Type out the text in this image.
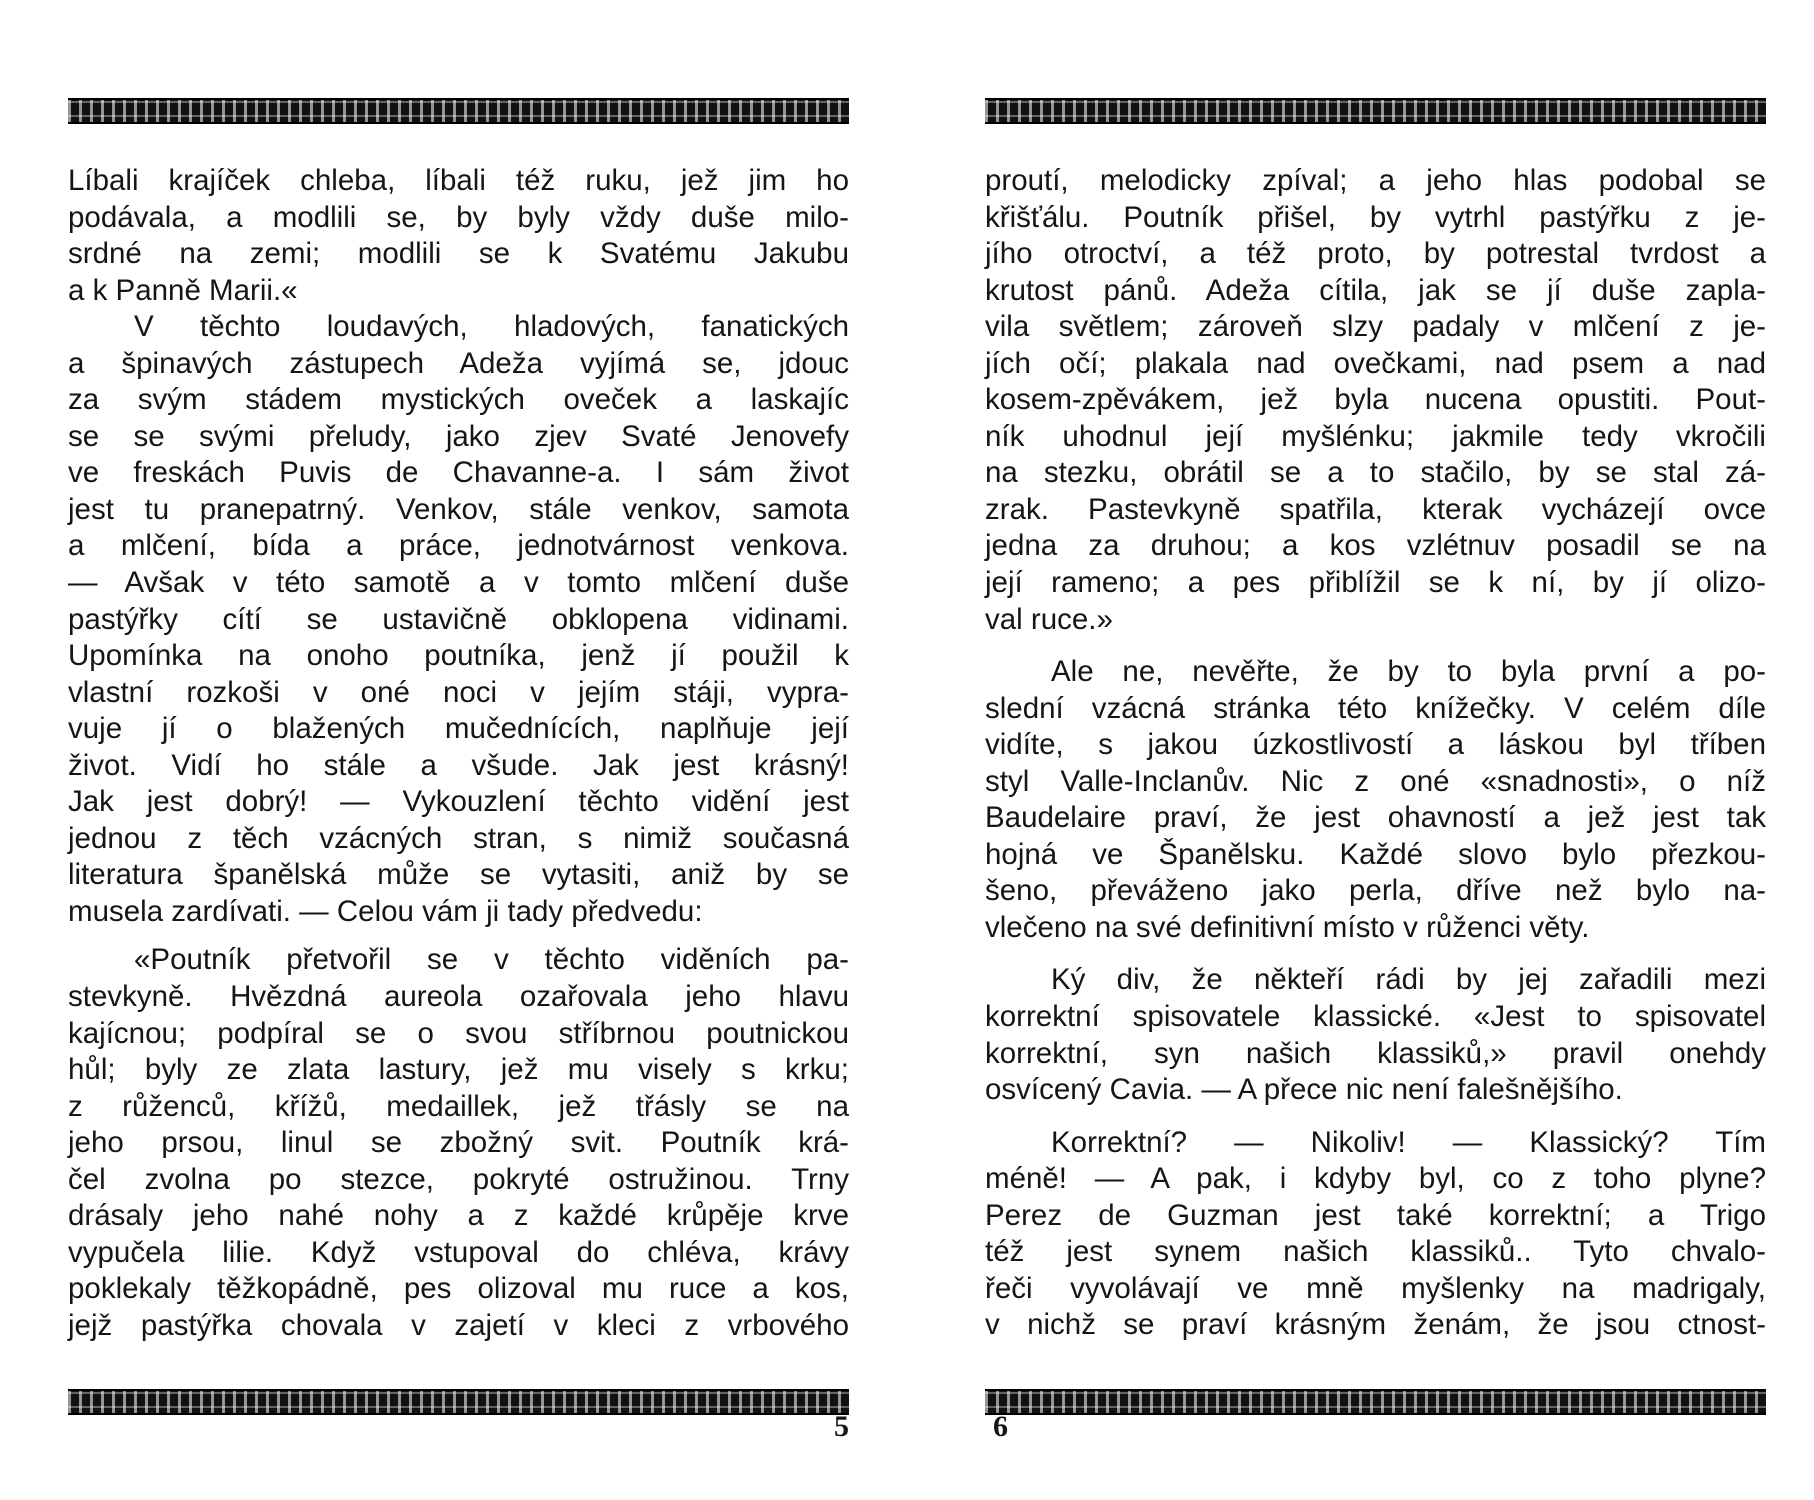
Líbali krajíček chleba, líbali též ruku, jež jim ho
podávala, a modlili se, by byly vždy duše milo-
srdné na zemi; modlili se k Svatému Jakubu
a k Panně Marii.«
V těchto loudavých, hladových, fanatických
a špinavých zástupech Adeža vyjímá se, jdouc
za svým stádem mystických oveček a laskajíc
se se svými přeludy, jako zjev Svaté Jenovefy
ve freskách Puvis de Chavanne-a. I sám život
jest tu pranepatrný. Venkov, stále venkov, samota
a mlčení, bída a práce, jednotvárnost venkova.
— Avšak v této samotě a v tomto mlčení duše
pastýřky cítí se ustavičně obklopena vidinami.
Upomínka na onoho poutníka, jenž jí použil k
vlastní rozkoši v oné noci v jejím stáji, vypra-
vuje jí o blažených mučednících, naplňuje její
život. Vidí ho stále a všude. Jak jest krásný!
Jak jest dobrý! — Vykouzlení těchto vidění jest
jednou z těch vzácných stran, s nimiž současná
literatura španělská může se vytasiti, aniž by se
musela zardívati. — Celou vám ji tady předvedu:
«Poutník přetvořil se v těchto viděních pa-
stevkyně. Hvězdná aureola ozařovala jeho hlavu
kajícnou; podpíral se o svou stříbrnou poutnickou
hůl; byly ze zlata lastury, jež mu visely s krku;
z růženců, křížů, medaillek, jež třásly se na
jeho prsou, linul se zbožný svit. Poutník krá-
čel zvolna po stezce, pokryté ostružinou. Trny
drásaly jeho nahé nohy a z každé krůpěje krve
vypučela lilie. Když vstupoval do chléva, krávy
poklekaly těžkopádně, pes olizoval mu ruce a kos,
jejž pastýřka chovala v zajetí v kleci z vrbového
5
proutí, melodicky zpíval; a jeho hlas podobal se
křišťálu. Poutník přišel, by vytrhl pastýřku z je-
jího otroctví, a též proto, by potrestal tvrdost a
krutost pánů. Adeža cítila, jak se jí duše zapla-
vila světlem; zároveň slzy padaly v mlčení z je-
jích očí; plakala nad ovečkami, nad psem a nad
kosem-zpěvákem, jež byla nucena opustiti. Pout-
ník uhodnul její myšlénku; jakmile tedy vkročili
na stezku, obrátil se a to stačilo, by se stal zá-
zrak. Pastevkyně spatřila, kterak vycházejí ovce
jedna za druhou; a kos vzlétnuv posadil se na
její rameno; a pes přiblížil se k ní, by jí olizo-
val ruce.»
Ale ne, nevěřte, že by to byla první a po-
slední vzácná stránka této knížečky. V celém díle
vidíte, s jakou úzkostlivostí a láskou byl tříben
styl Valle-Inclanův. Nic z oné «snadnosti», o níž
Baudelaire praví, že jest ohavností a jež jest tak
hojná ve Španělsku. Každé slovo bylo přezkou-
šeno, převáženo jako perla, dříve než bylo na-
vlečeno na své definitivní místo v růženci věty.
Ký div, že někteří rádi by jej zařadili mezi
korrektní spisovatele klassické. «Jest to spisovatel
korrektní, syn našich klassiků,» pravil onehdy
osvícený Cavia. — A přece nic není falešnějšího.
Korrektní? — Nikoliv! — Klassický? Tím
méně! — A pak, i kdyby byl, co z toho plyne?
Perez de Guzman jest také korrektní; a Trigo
též jest synem našich klassiků.. Tyto chvalo-
řeči vyvolávají ve mně myšlenky na madrigaly,
v nichž se praví krásným ženám, že jsou ctnost-
6
